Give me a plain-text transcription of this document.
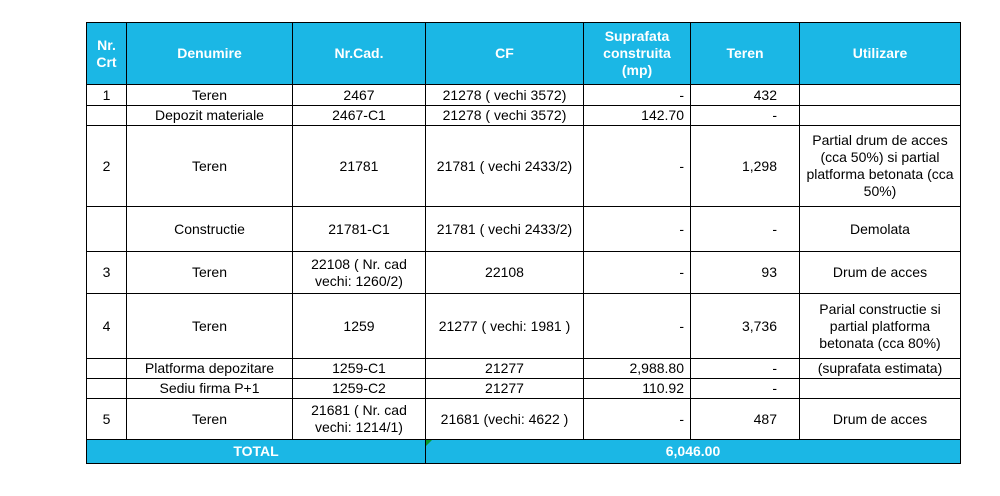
Nr. Crt	Denumire	Nr.Cad.	CF	Suprafata construita (mp)	Teren	Utilizare
1	Teren	2467	21278 ( vechi 3572)	-	432	
	Depozit materiale	2467-C1	21278 ( vechi 3572)	142.70	-	
2	Teren	21781	21781 ( vechi 2433/2)	-	1,298	Partial drum de acces (cca 50%) si partial platforma betonata (cca 50%)
	Constructie	21781-C1	21781 ( vechi 2433/2)	-	-	Demolata
3	Teren	22108 ( Nr. cad vechi: 1260/2)	22108	-	93	Drum de acces
4	Teren	1259	21277 ( vechi: 1981 )	-	3,736	Parial constructie si partial platforma betonata (cca 80%)
	Platforma depozitare	1259-C1	21277	2,988.80	-	(suprafata estimata)
	Sediu firma P+1	1259-C2	21277	110.92	-	
5	Teren	21681 ( Nr. cad vechi: 1214/1)	21681 (vechi: 4622 )	-	487	Drum de acces
TOTAL			6,046.00			
